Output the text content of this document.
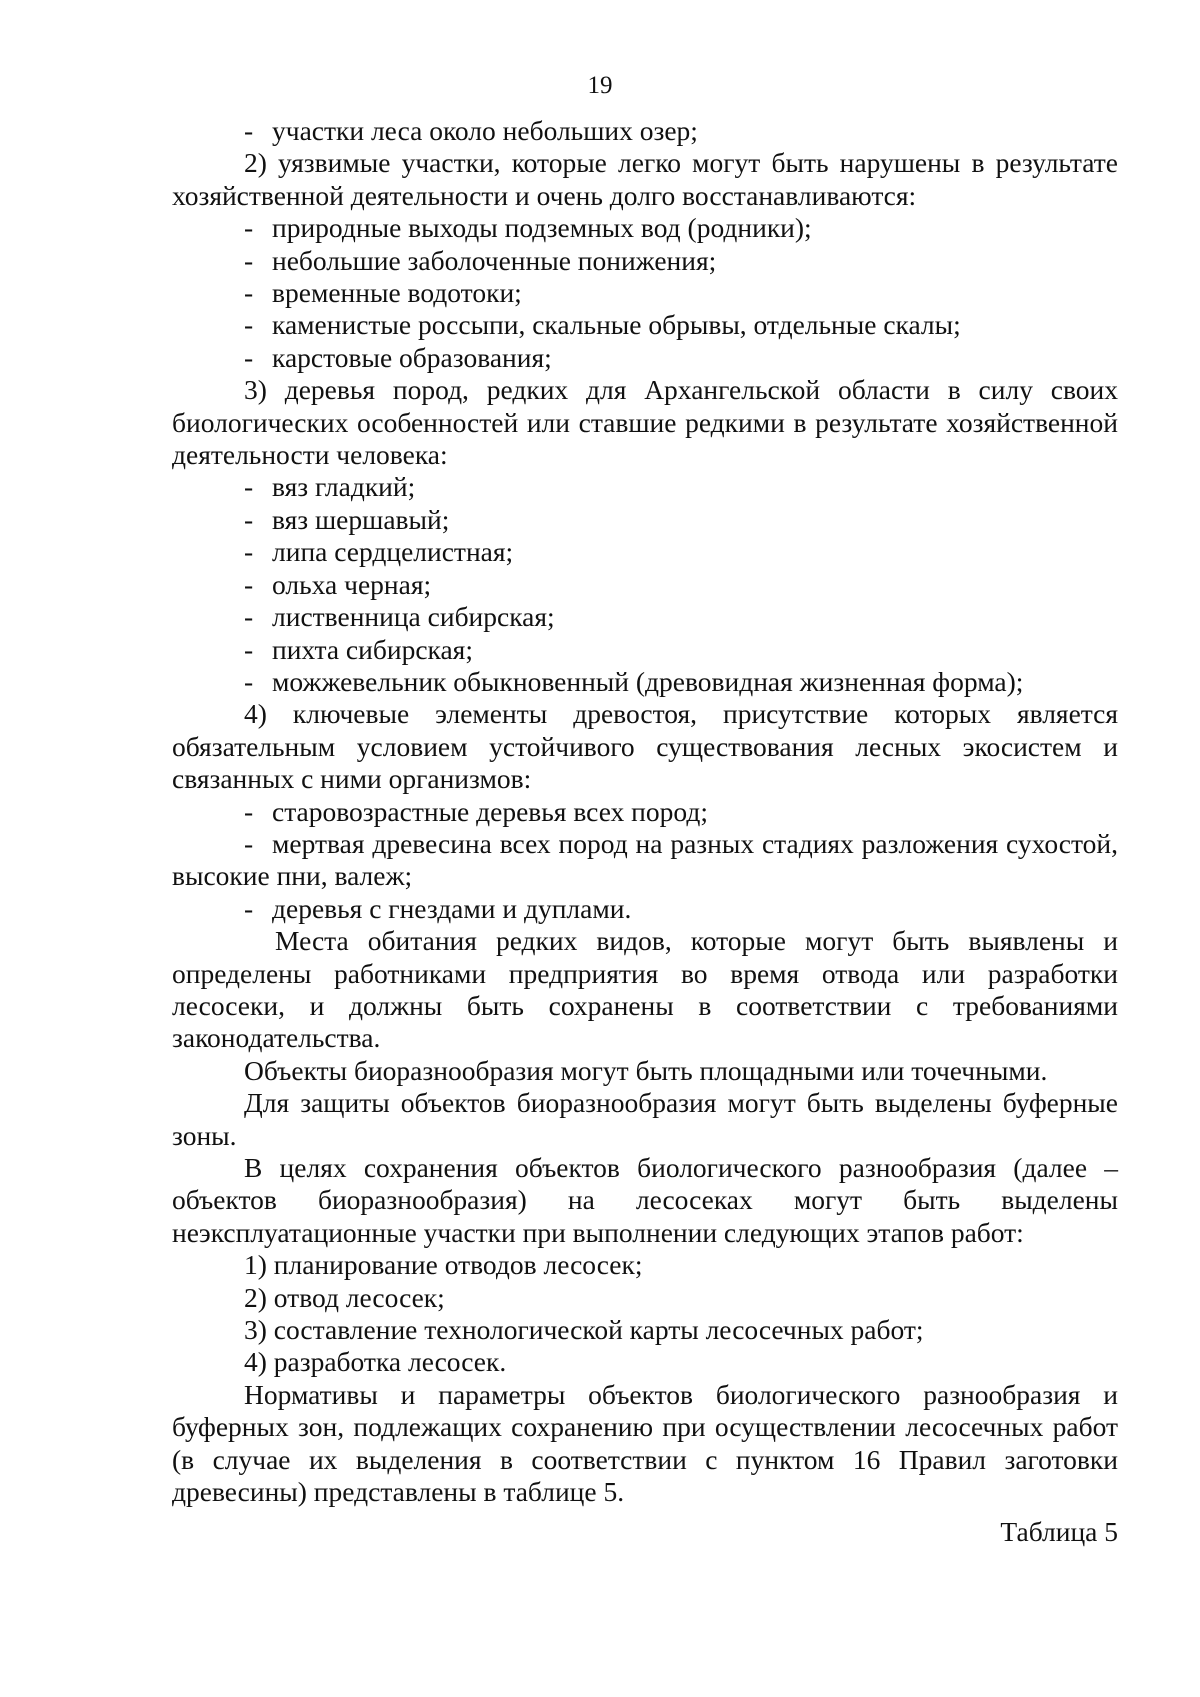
19

- участки леса около небольших озер;

2) уязвимые участки, которые легко могут быть нарушены в результате хозяйственной деятельности и очень долго восстанавливаются:

- природные выходы подземных вод (родники);

- небольшие заболоченные понижения;

- временные водотоки;

- каменистые россыпи, скальные обрывы, отдельные скалы;

- карстовые образования;

3) деревья пород, редких для Архангельской области в силу своих биологических особенностей или ставшие редкими в результате хозяйственной деятельности человека:

- вяз гладкий;

- вяз шершавый;

- липа сердцелистная;

- ольха черная;

- лиственница сибирская;

- пихта сибирская;

- можжевельник обыкновенный (древовидная жизненная форма);

4) ключевые элементы древостоя, присутствие которых является обязательным условием устойчивого существования лесных экосистем и связанных с ними организмов:

- старовозрастные деревья всех пород;

- мертвая древесина всех пород на разных стадиях разложения сухостой, высокие пни, валеж;

- деревья с гнездами и дуплами.

Места обитания редких видов, которые могут быть выявлены и определены работниками предприятия во время отвода или разработки лесосеки, и должны быть сохранены в соответствии с требованиями законодательства.

Объекты биоразнообразия могут быть площадными или точечными.

Для защиты объектов биоразнообразия могут быть выделены буферные зоны.

В целях сохранения объектов биологического разнообразия (далее – объектов биоразнообразия) на лесосеках могут быть выделены неэксплуатационные участки при выполнении следующих этапов работ:

1) планирование отводов лесосек;

2) отвод лесосек;

3) составление технологической карты лесосечных работ;

4) разработка лесосек.

Нормативы и параметры объектов биологического разнообразия и буферных зон, подлежащих сохранению при осуществлении лесосечных работ (в случае их выделения в соответствии с пунктом 16 Правил заготовки древесины) представлены в таблице 5.

Таблица 5
